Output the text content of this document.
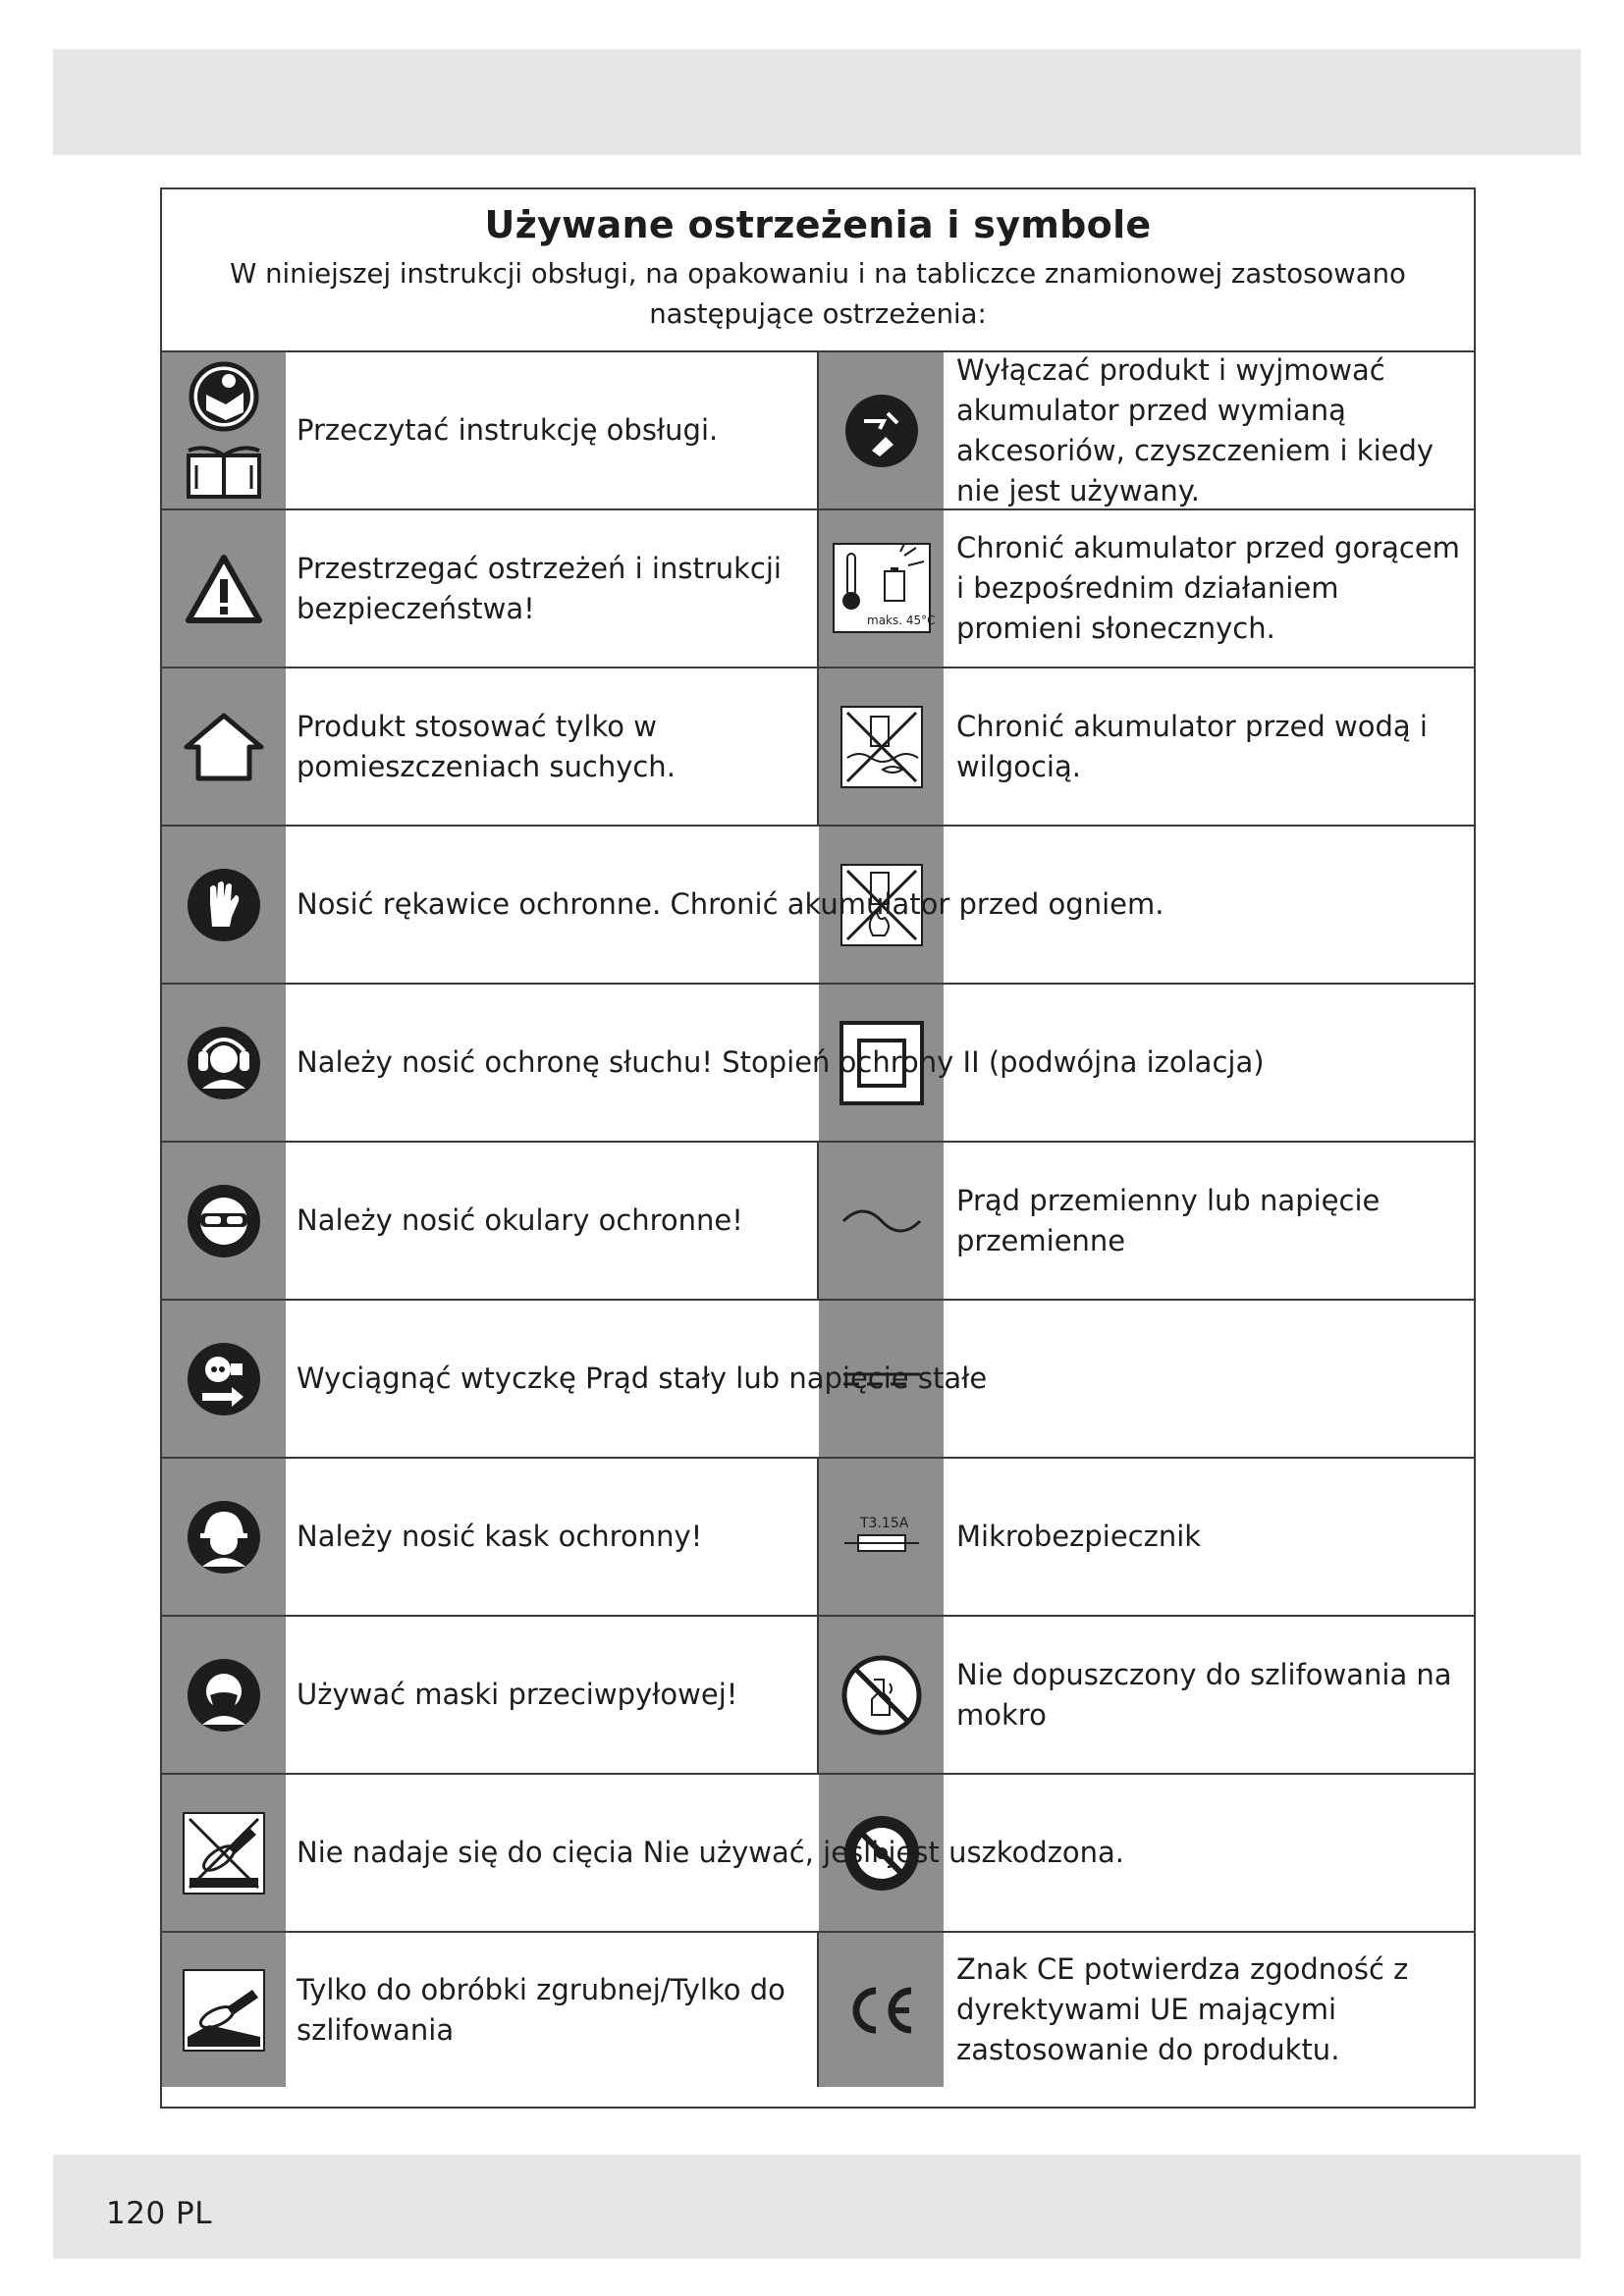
Używane ostrzeżenia i symbole
W niniejszej instrukcji obsługi, na opakowaniu i na tabliczce znamionowej zastosowano następujące ostrzeżenia:
Przeczytać instrukcję obsługi.
Wyłączać produkt i wyjmować akumulator przed wymianą akcesoriów, czyszczeniem i kiedy nie jest używany.
Przestrzegać ostrzeżeń i instrukcji bezpieczeństwa!	maks. 45°C
Chronić akumulator przed gorącem i bezpośrednim działaniem promieni słonecznych.
Produkt stosować tylko w pomieszczeniach suchych.
Chronić akumulator przed wodą i wilgocią.
Nosić rękawice ochronne. Chronić akumulator przed ogniem.
Należy nosić ochronę słuchu! Stopień ochrony II (podwójna izolacja)
Należy nosić okulary ochronne!
Prąd przemienny lub napięcie przemienne
Wyciągnąć wtyczkę Prąd stały lub napięcie stałe
Należy nosić kask ochronny!	T3.15A Mikrobezpiecznik
Używać maski przeciwpyłowej!
Nie dopuszczony do szlifowania na mokro
Nie nadaje się do cięcia Nie używać, jeśli jest uszkodzona.
Tylko do obróbki zgrubnej/Tylko do szlifowania
Znak CE potwierdza zgodność z dyrektywami UE mającymi zastosowanie do produktu.
120 PL
